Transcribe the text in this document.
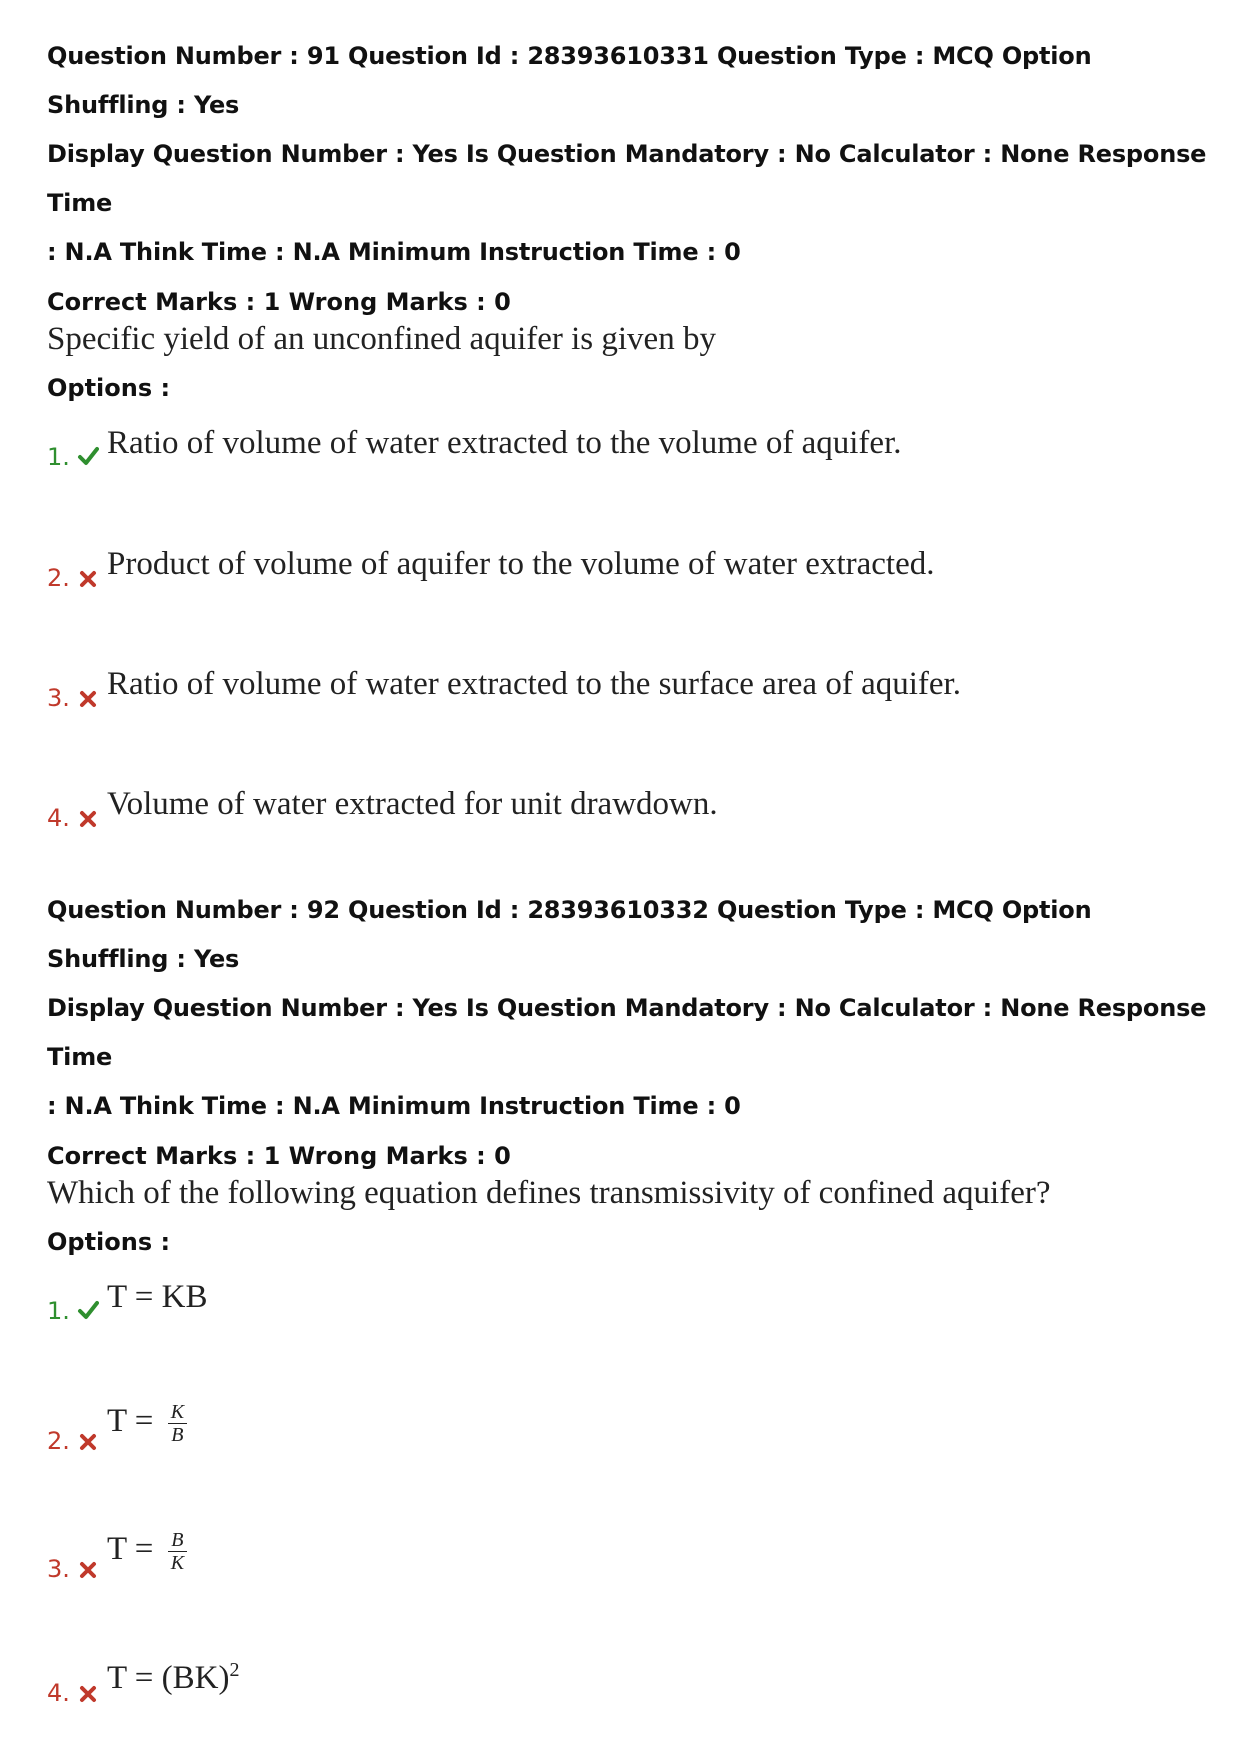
Question Number : 91 Question Id : 28393610331 Question Type : MCQ Option Shuffling : Yes
Display Question Number : Yes Is Question Mandatory : No Calculator : None Response Time
: N.A Think Time : N.A Minimum Instruction Time : 0
Correct Marks : 1 Wrong Marks : 0
Specific yield of an unconfined aquifer is given by
Options :
1. Ratio of volume of water extracted to the volume of aquifer.
2. Product of volume of aquifer to the volume of water extracted.
3. Ratio of volume of water extracted to the surface area of aquifer.
4. Volume of water extracted for unit drawdown.
Question Number : 92 Question Id : 28393610332 Question Type : MCQ Option Shuffling : Yes
Display Question Number : Yes Is Question Mandatory : No Calculator : None Response Time
: N.A Think Time : N.A Minimum Instruction Time : 0
Correct Marks : 1 Wrong Marks : 0
Which of the following equation defines transmissivity of confined aquifer?
Options :
1. T = KB
2.
$T = \frac{K}{B}$
3.
$T = \frac{B}{K}$
4. T = (BK)$^2$
